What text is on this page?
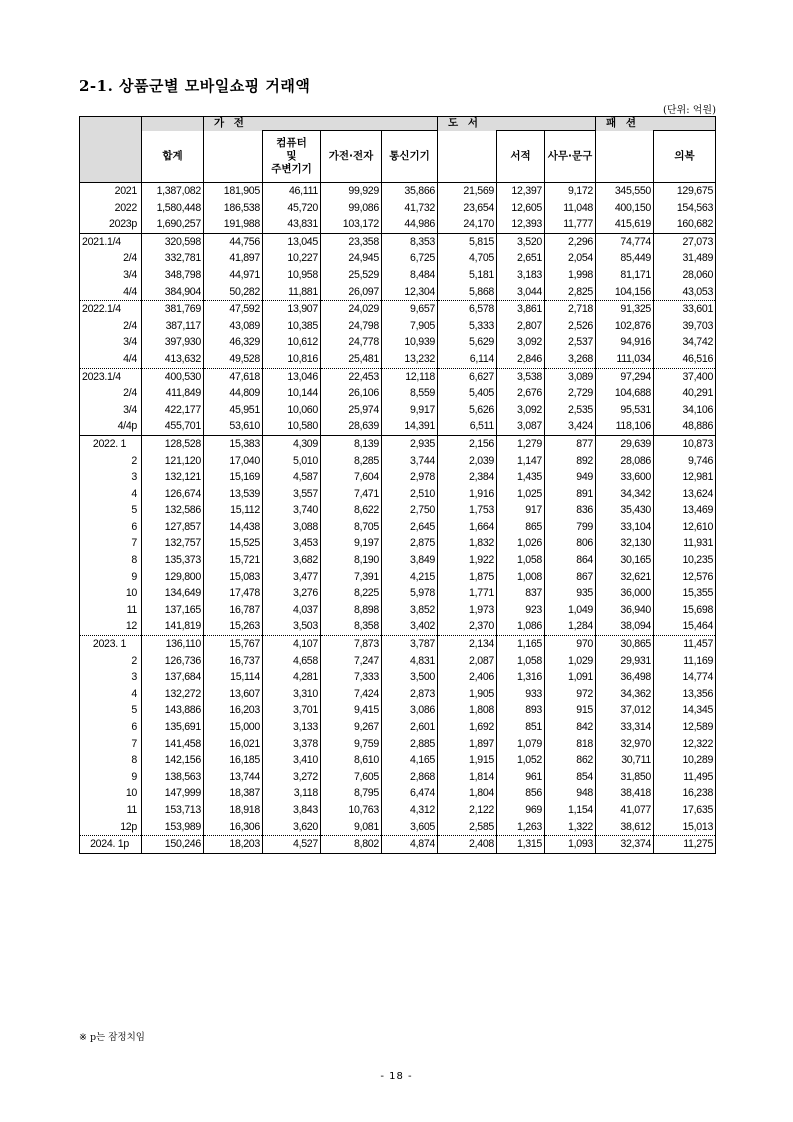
2-1. 상품군별 모바일쇼핑 거래액
(단위: 억원)
		가 전				도 서			패 션	
	합계		컴퓨터
및
주변기기	가전·전자	통신기기		서적	사무·문구		의복
2021	1,387,082	181,905	46,111	99,929	35,866	21,569	12,397	9,172	345,550	129,675
2022	1,580,448	186,538	45,720	99,086	41,732	23,654	12,605	11,048	400,150	154,563
2023p	1,690,257	191,988	43,831	103,172	44,986	24,170	12,393	11,777	415,619	160,682
2021.1/4	320,598	44,756	13,045	23,358	8,353	5,815	3,520	2,296	74,774	27,073
2/4	332,781	41,897	10,227	24,945	6,725	4,705	2,651	2,054	85,449	31,489
3/4	348,798	44,971	10,958	25,529	8,484	5,181	3,183	1,998	81,171	28,060
4/4	384,904	50,282	11,881	26,097	12,304	5,868	3,044	2,825	104,156	43,053
2022.1/4	381,769	47,592	13,907	24,029	9,657	6,578	3,861	2,718	91,325	33,601
2/4	387,117	43,089	10,385	24,798	7,905	5,333	2,807	2,526	102,876	39,703
3/4	397,930	46,329	10,612	24,778	10,939	5,629	3,092	2,537	94,916	34,742
4/4	413,632	49,528	10,816	25,481	13,232	6,114	2,846	3,268	111,034	46,516
2023.1/4	400,530	47,618	13,046	22,453	12,118	6,627	3,538	3,089	97,294	37,400
2/4	411,849	44,809	10,144	26,106	8,559	5,405	2,676	2,729	104,688	40,291
3/4	422,177	45,951	10,060	25,974	9,917	5,626	3,092	2,535	95,531	34,106
4/4p	455,701	53,610	10,580	28,639	14,391	6,511	3,087	3,424	118,106	48,886
2022. 1	128,528	15,383	4,309	8,139	2,935	2,156	1,279	877	29,639	10,873
2	121,120	17,040	5,010	8,285	3,744	2,039	1,147	892	28,086	9,746
3	132,121	15,169	4,587	7,604	2,978	2,384	1,435	949	33,600	12,981
4	126,674	13,539	3,557	7,471	2,510	1,916	1,025	891	34,342	13,624
5	132,586	15,112	3,740	8,622	2,750	1,753	917	836	35,430	13,469
6	127,857	14,438	3,088	8,705	2,645	1,664	865	799	33,104	12,610
7	132,757	15,525	3,453	9,197	2,875	1,832	1,026	806	32,130	11,931
8	135,373	15,721	3,682	8,190	3,849	1,922	1,058	864	30,165	10,235
9	129,800	15,083	3,477	7,391	4,215	1,875	1,008	867	32,621	12,576
10	134,649	17,478	3,276	8,225	5,978	1,771	837	935	36,000	15,355
11	137,165	16,787	4,037	8,898	3,852	1,973	923	1,049	36,940	15,698
12	141,819	15,263	3,503	8,358	3,402	2,370	1,086	1,284	38,094	15,464
2023. 1	136,110	15,767	4,107	7,873	3,787	2,134	1,165	970	30,865	11,457
2	126,736	16,737	4,658	7,247	4,831	2,087	1,058	1,029	29,931	11,169
3	137,684	15,114	4,281	7,333	3,500	2,406	1,316	1,091	36,498	14,774
4	132,272	13,607	3,310	7,424	2,873	1,905	933	972	34,362	13,356
5	143,886	16,203	3,701	9,415	3,086	1,808	893	915	37,012	14,345
6	135,691	15,000	3,133	9,267	2,601	1,692	851	842	33,314	12,589
7	141,458	16,021	3,378	9,759	2,885	1,897	1,079	818	32,970	12,322
8	142,156	16,185	3,410	8,610	4,165	1,915	1,052	862	30,711	10,289
9	138,563	13,744	3,272	7,605	2,868	1,814	961	854	31,850	11,495
10	147,999	18,387	3,118	8,795	6,474	1,804	856	948	38,418	16,238
11	153,713	18,918	3,843	10,763	4,312	2,122	969	1,154	41,077	17,635
12p	153,989	16,306	3,620	9,081	3,605	2,585	1,263	1,322	38,612	15,013
2024. 1p	150,246	18,203	4,527	8,802	4,874	2,408	1,315	1,093	32,374	11,275
※ p는 잠정치임
- 18 -
